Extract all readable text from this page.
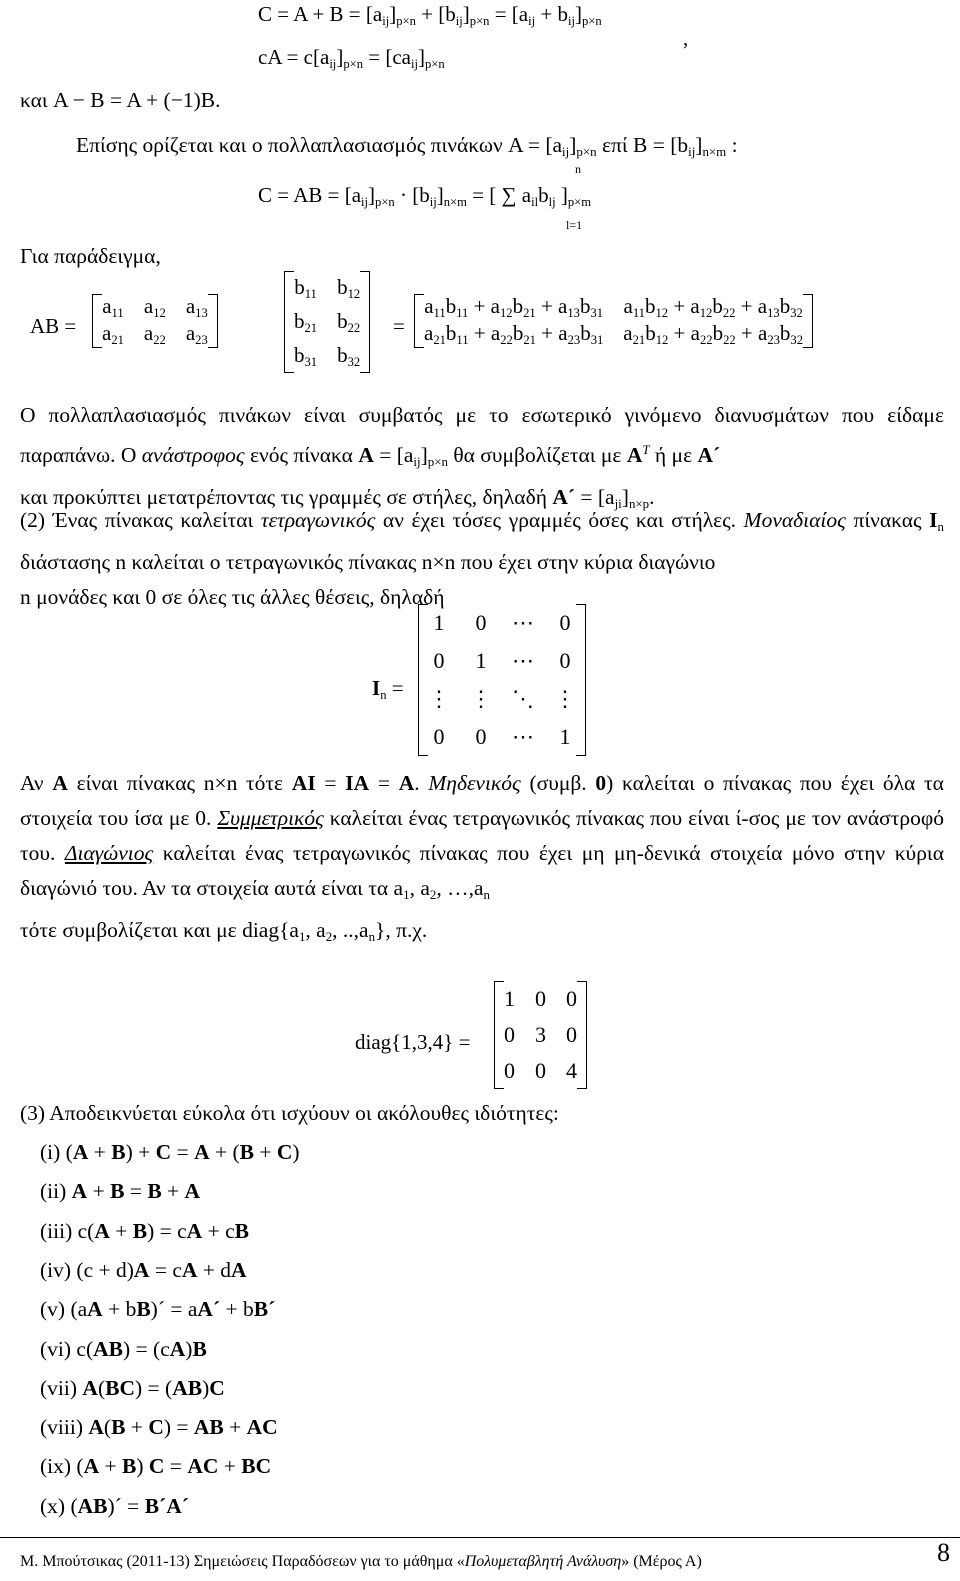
$C = A + B = [a_{ij}]_{p\times n} + [b_{ij}]_{p\times n} = [a_{ij} + b_{ij}]_{p\times n}$
,
cA = $c[a_{ij}]_{p\times n} = [ca_{ij}]_{p\times n}$
και A − B = A + (−1)B.
Επίσης ορίζεται και ο πολλαπλασιασμός πινάκων $A = [a_{ij}]_{p\times n}$ επί $B = [b_{ij}]_{n\times m}$ :
n
C = AB = $[a_{ij}]_{p\times n} \cdot [b_{ij}]_{n\times m}$ = [ ∑ $a_{il}b_{lj}$ ]$_{p\times m}$
l=1
Για παράδειγμα,
AB =
$a_{11}$	$a_{12}$	$a_{13}$
$a_{21}$	$a_{22}$	$a_{23}$
$b_{11}$	$b_{12}$
$b_{21}$	$b_{22}$
$b_{31}$	$b_{32}$
=
$a_{11}b_{11} + a_{12}b_{21} + a_{13}b_{31}$	$a_{11}b_{12} + a_{12}b_{22} + a_{13}b_{32}$
$a_{21}b_{11} + a_{22}b_{21} + a_{23}b_{31}$	$a_{21}b_{12} + a_{22}b_{22} + a_{23}b_{32}$
Ο πολλαπλασιασμός πινάκων είναι συμβατός με το εσωτερικό γινόμενο διανυσμάτων που είδαμε παραπάνω. Ο ανάστροφος ενός πίνακα $A = [a_{ij}]_{p\times n}$ θα συμβολίζεται με $A^T$ ή με A´
και προκύπτει μετατρέποντας τις γραμμές σε στήλες, δηλαδή A´ = $[a_{ji}]_{n\times p}$.
(2) Ένας πίνακας καλείται τετραγωνικός αν έχει τόσες γραμμές όσες και στήλες. Μοναδιαίος πίνακας $I_n$ διάστασης n καλείται ο τετραγωνικός πίνακας n×n που έχει στην κύρια διαγώνιο
n μονάδες και 0 σε όλες τις άλλες θέσεις, δηλαδή
$I_n$ =
1	0	⋯	0
0	1	⋯	0
⋮	⋮	⋱	⋮
0	0	⋯	1
Αν A είναι πίνακας n×n τότε AI = IA = A. Μηδενικός (συμβ. 0) καλείται ο πίνακας που έχει όλα τα στοιχεία του ίσα με 0. Συμμετρικός καλείται ένας τετραγωνικός πίνακας που είναι ί-σος με τον ανάστροφό του. Διαγώνιος καλείται ένας τετραγωνικός πίνακας που έχει μη μη-δενικά στοιχεία μόνο στην κύρια διαγώνιό του. Αν τα στοιχεία αυτά είναι τα $a_1$, $a_2$, $\dots,a_n$
τότε συμβολίζεται και με $diag\{a_1$, $a_2$, $..,a_n$}, π.χ.
diag{1,3,4} =
1	0	0
0	3	0
0	0	4
(3) Αποδεικνύεται εύκολα ότι ισχύουν οι ακόλουθες ιδιότητες:
(i) (A + B) + C = A + (B + C)
(ii) A + B = B + A
(iii) c(A + B) = cA + cB
(iv) (c + d)A = cA + dA
(v) (aA + bB)´ = aA´ + bB´
(vi) c(AB) = (cA)B
(vii) A(BC) = (AB)C
(viii) A(B + C) = AB + AC
(ix) (A + B) C = AC + BC
(x) (AB)´ = B´A´
Μ. Μπούτσικας (2011-13) Σημειώσεις Παραδόσεων για το μάθημα «Πολυμεταβλητή Ανάλυση» (Μέρος Α)	8
